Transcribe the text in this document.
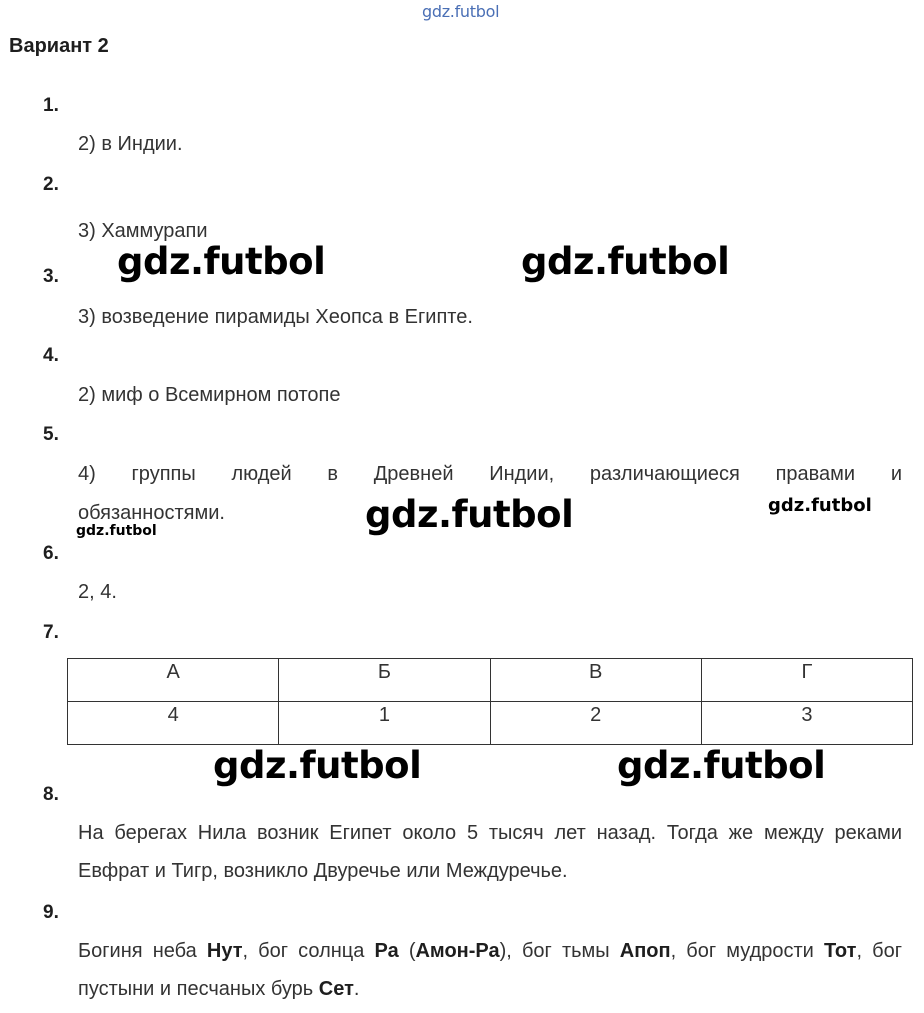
gdz.futbol
Вариант 2
1.
2) в Индии.
2.
3) Хаммурапи
3.
3) возведение пирамиды Хеопса в Египте.
4.
2) миф о Всемирном потопе
5.
4) группы людей в Древней Индии, различающиеся правами и
обязанностями.
6.
2, 4.
7.
А	Б	В	Г
4	1	2	3
8.
На берегах Нила возник Египет около 5 тысяч лет назад. Тогда же между реками Евфрат и Тигр, возникло Двуречье или Междуречье.
9.
Богиня неба Нут, бог солнца Ра (Амон-Ра), бог тьмы Апоп, бог мудрости Тот, бог пустыни и песчаных бурь Сет.
gdz.futbol	gdz.futbol
gdz.futbol	gdz.futbol
gdz.futbol
gdz.futbol	gdz.futbol
